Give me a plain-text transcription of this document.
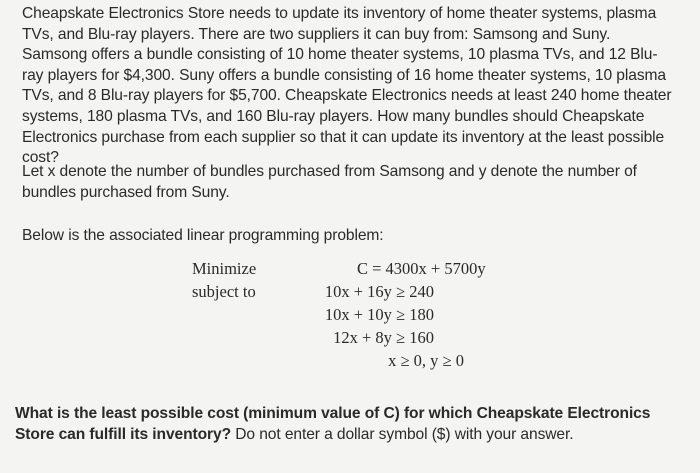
Cheapskate Electronics Store needs to update its inventory of home theater systems, plasma TVs, and Blu-ray players. There are two suppliers it can buy from: Samsong and Suny. Samsong offers a bundle consisting of 10 home theater systems, 10 plasma TVs, and 12 Blu-ray players for $4,300. Suny offers a bundle consisting of 16 home theater systems, 10 plasma TVs, and 8 Blu-ray players for $5,700. Cheapskate Electronics needs at least 240 home theater systems, 180 plasma TVs, and 160 Blu-ray players. How many bundles should Cheapskate Electronics purchase from each supplier so that it can update its inventory at the least possible cost?
Let x denote the number of bundles purchased from Samsong and y denote the number of bundles purchased from Suny.
Below is the associated linear programming problem:
Minimize	C = 4300x + 5700y
subject to	10x + 16y ≥ 240
10x + 10y ≥ 180
12x + 8y ≥ 160
x ≥ 0, y ≥ 0
What is the least possible cost (minimum value of C) for which Cheapskate Electronics Store can fulfill its inventory? Do not enter a dollar symbol ($) with your answer.
